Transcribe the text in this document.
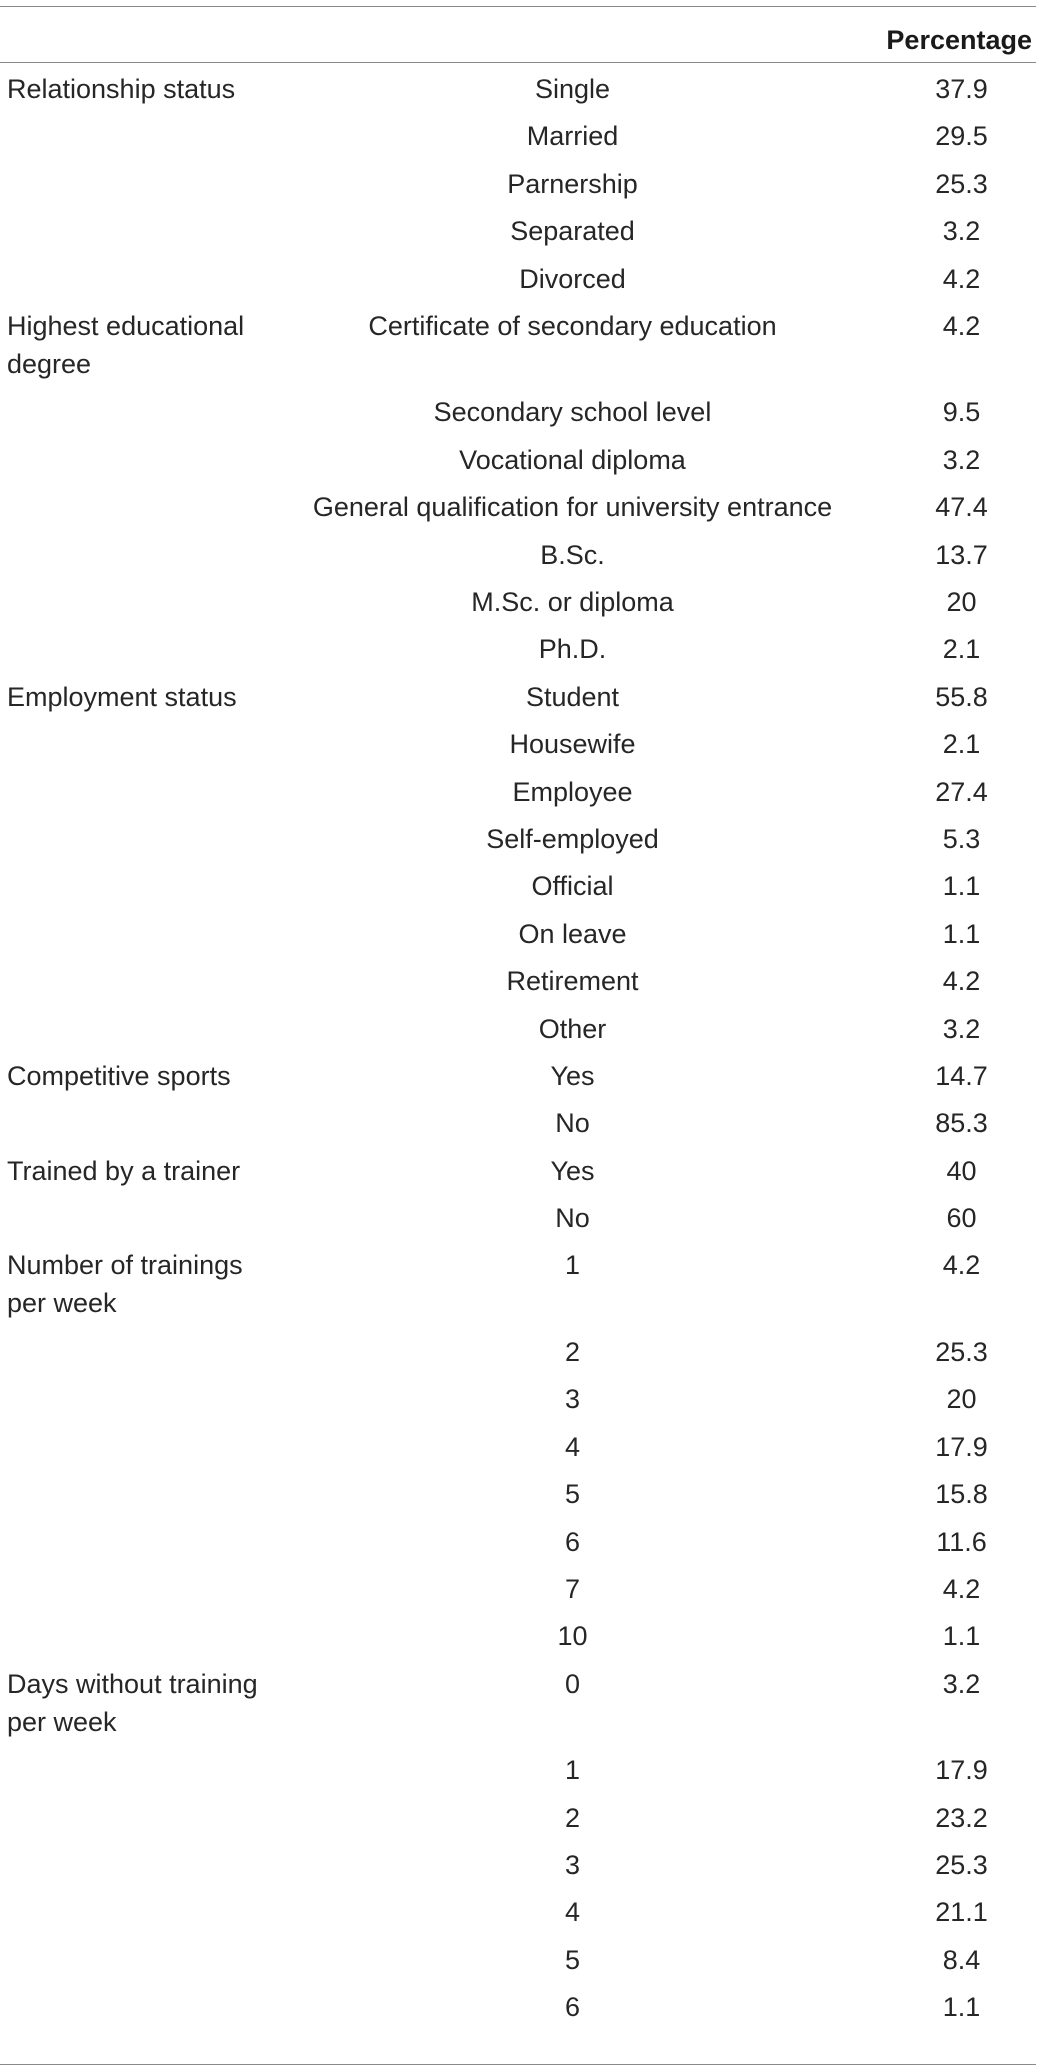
Percentage
Relationship status	Single	37.9
	Married	29.5
	Parnership	25.3
	Separated	3.2
	Divorced	4.2
Highest educational degree	Certificate of secondary education	4.2
	Secondary school level	9.5
	Vocational diploma	3.2
	General qualification for university entrance	47.4
	B.Sc.	13.7
	M.Sc. or diploma	20
	Ph.D.	2.1
Employment status	Student	55.8
	Housewife	2.1
	Employee	27.4
	Self-employed	5.3
	Official	1.1
	On leave	1.1
	Retirement	4.2
	Other	3.2
Competitive sports	Yes	14.7
	No	85.3
Trained by a trainer	Yes	40
	No	60
Number of trainings per week	1	4.2
	2	25.3
	3	20
	4	17.9
	5	15.8
	6	11.6
	7	4.2
	10	1.1
Days without training per week	0	3.2
	1	17.9
	2	23.2
	3	25.3
	4	21.1
	5	8.4
	6	1.1
